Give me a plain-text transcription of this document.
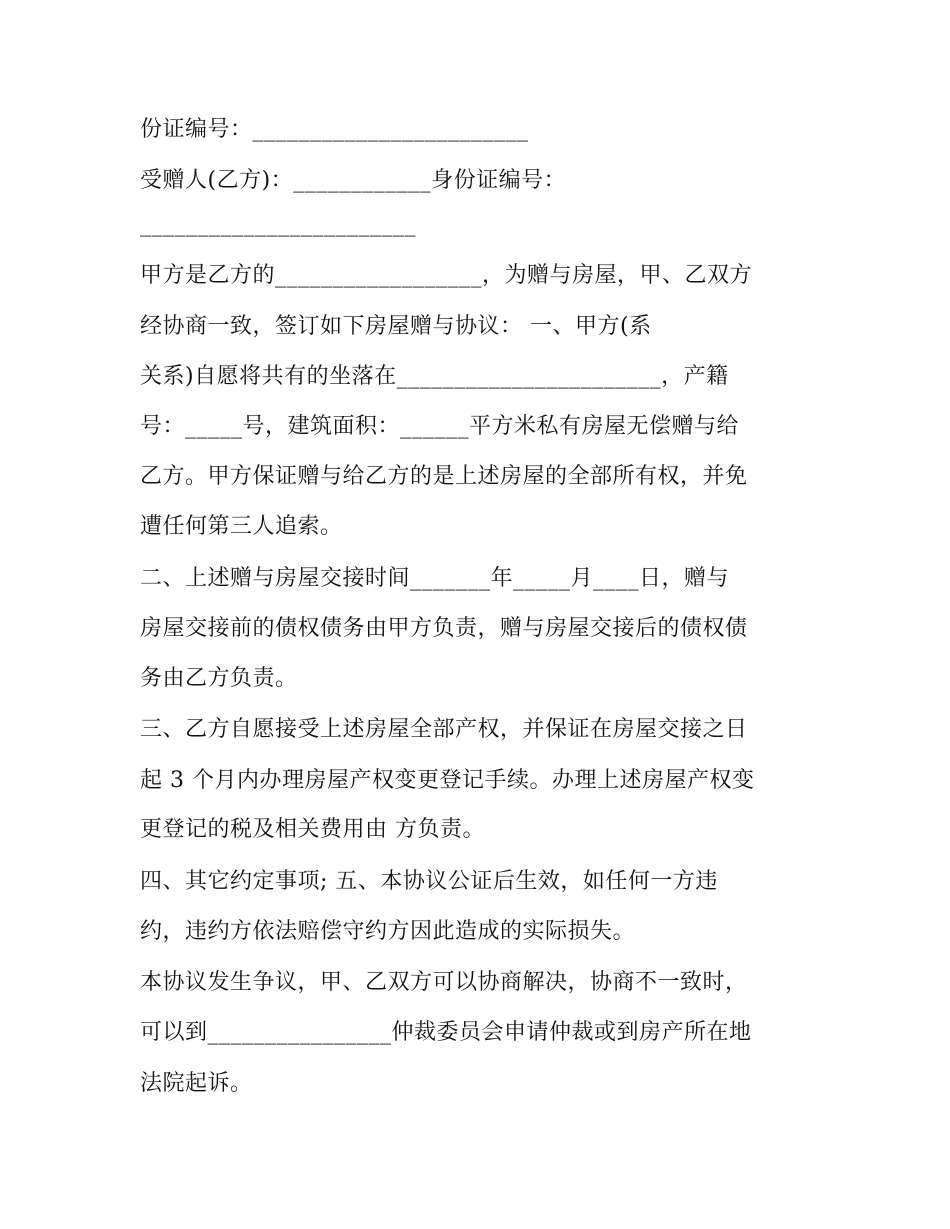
份证编号：________________________
受赠人(乙方)：____________身份证编号：
________________________
甲方是乙方的__________________，为赠与房屋，甲、乙双方
经协商一致，签订如下房屋赠与协议： 一、甲方(系
关系)自愿将共有的坐落在_______________________，产籍
号：_____号，建筑面积：______平方米私有房屋无偿赠与给
乙方。甲方保证赠与给乙方的是上述房屋的全部所有权，并免
遭任何第三人追索。
二、上述赠与房屋交接时间_______年_____月____日，赠与
房屋交接前的债权债务由甲方负责，赠与房屋交接后的债权债
务由乙方负责。
三、乙方自愿接受上述房屋全部产权，并保证在房屋交接之日
起 3 个月内办理房屋产权变更登记手续。办理上述房屋产权变
更登记的税及相关费用由 方负责。
四、其它约定事项; 五、本协议公证后生效，如任何一方违
约，违约方依法赔偿守约方因此造成的实际损失。
本协议发生争议，甲、乙双方可以协商解决，协商不一致时，
可以到________________仲裁委员会申请仲裁或到房产所在地
法院起诉。
